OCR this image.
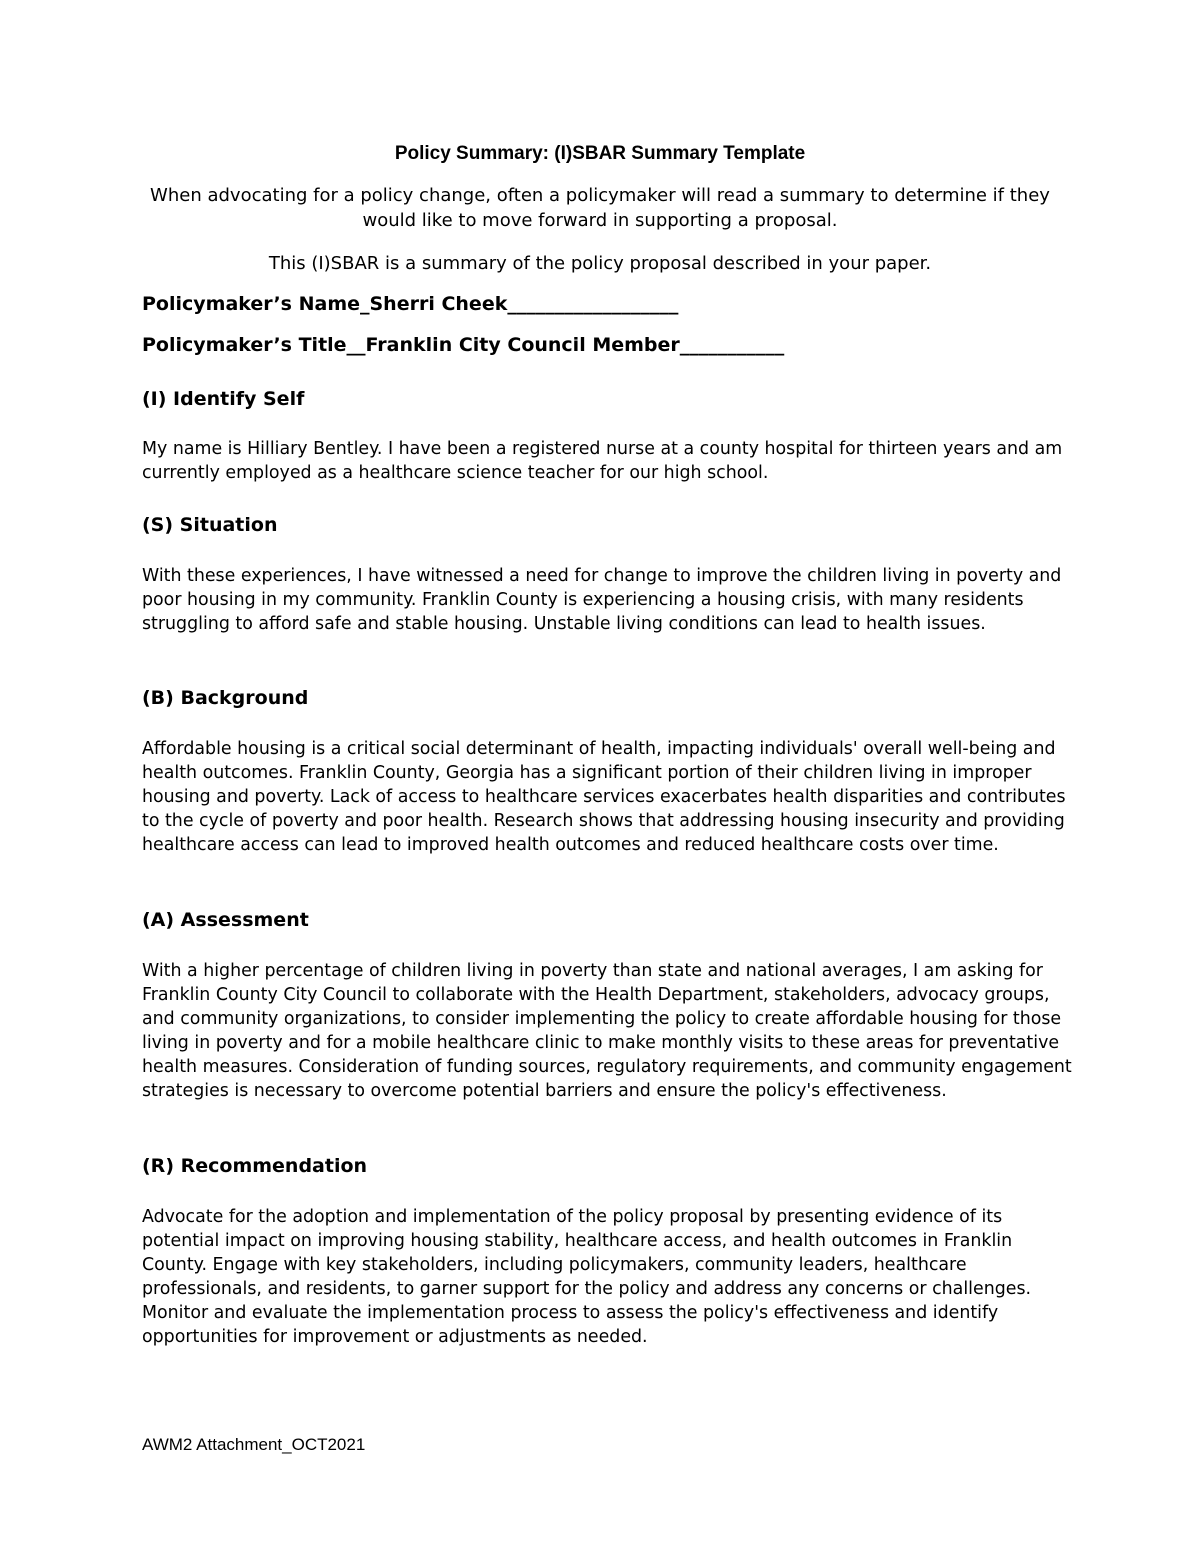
Policy Summary: (I)SBAR Summary Template

When advocating for a policy change, often a policymaker will read a summary to determine if they would like to move forward in supporting a proposal.

This (I)SBAR is a summary of the policy proposal described in your paper.

Policymaker’s Name_Sherri Cheek__________________

Policymaker’s Title__Franklin City Council Member___________

(I) Identify Self

My name is Hilliary Bentley. I have been a registered nurse at a county hospital for thirteen years and am currently employed as a healthcare science teacher for our high school.

(S) Situation

With these experiences, I have witnessed a need for change to improve the children living in poverty and poor housing in my community. Franklin County is experiencing a housing crisis, with many residents struggling to afford safe and stable housing. Unstable living conditions can lead to health issues.

(B) Background

Affordable housing is a critical social determinant of health, impacting individuals' overall well-being and health outcomes. Franklin County, Georgia has a significant portion of their children living in improper housing and poverty. Lack of access to healthcare services exacerbates health disparities and contributes to the cycle of poverty and poor health. Research shows that addressing housing insecurity and providing healthcare access can lead to improved health outcomes and reduced healthcare costs over time.

(A) Assessment

With a higher percentage of children living in poverty than state and national averages, I am asking for Franklin County City Council to collaborate with the Health Department, stakeholders, advocacy groups, and community organizations, to consider implementing the policy to create affordable housing for those living in poverty and for a mobile healthcare clinic to make monthly visits to these areas for preventative health measures. Consideration of funding sources, regulatory requirements, and community engagement strategies is necessary to overcome potential barriers and ensure the policy's effectiveness.

(R) Recommendation

Advocate for the adoption and implementation of the policy proposal by presenting evidence of its potential impact on improving housing stability, healthcare access, and health outcomes in Franklin County. Engage with key stakeholders, including policymakers, community leaders, healthcare professionals, and residents, to garner support for the policy and address any concerns or challenges. Monitor and evaluate the implementation process to assess the policy's effectiveness and identify opportunities for improvement or adjustments as needed.

AWM2 Attachment_OCT2021
